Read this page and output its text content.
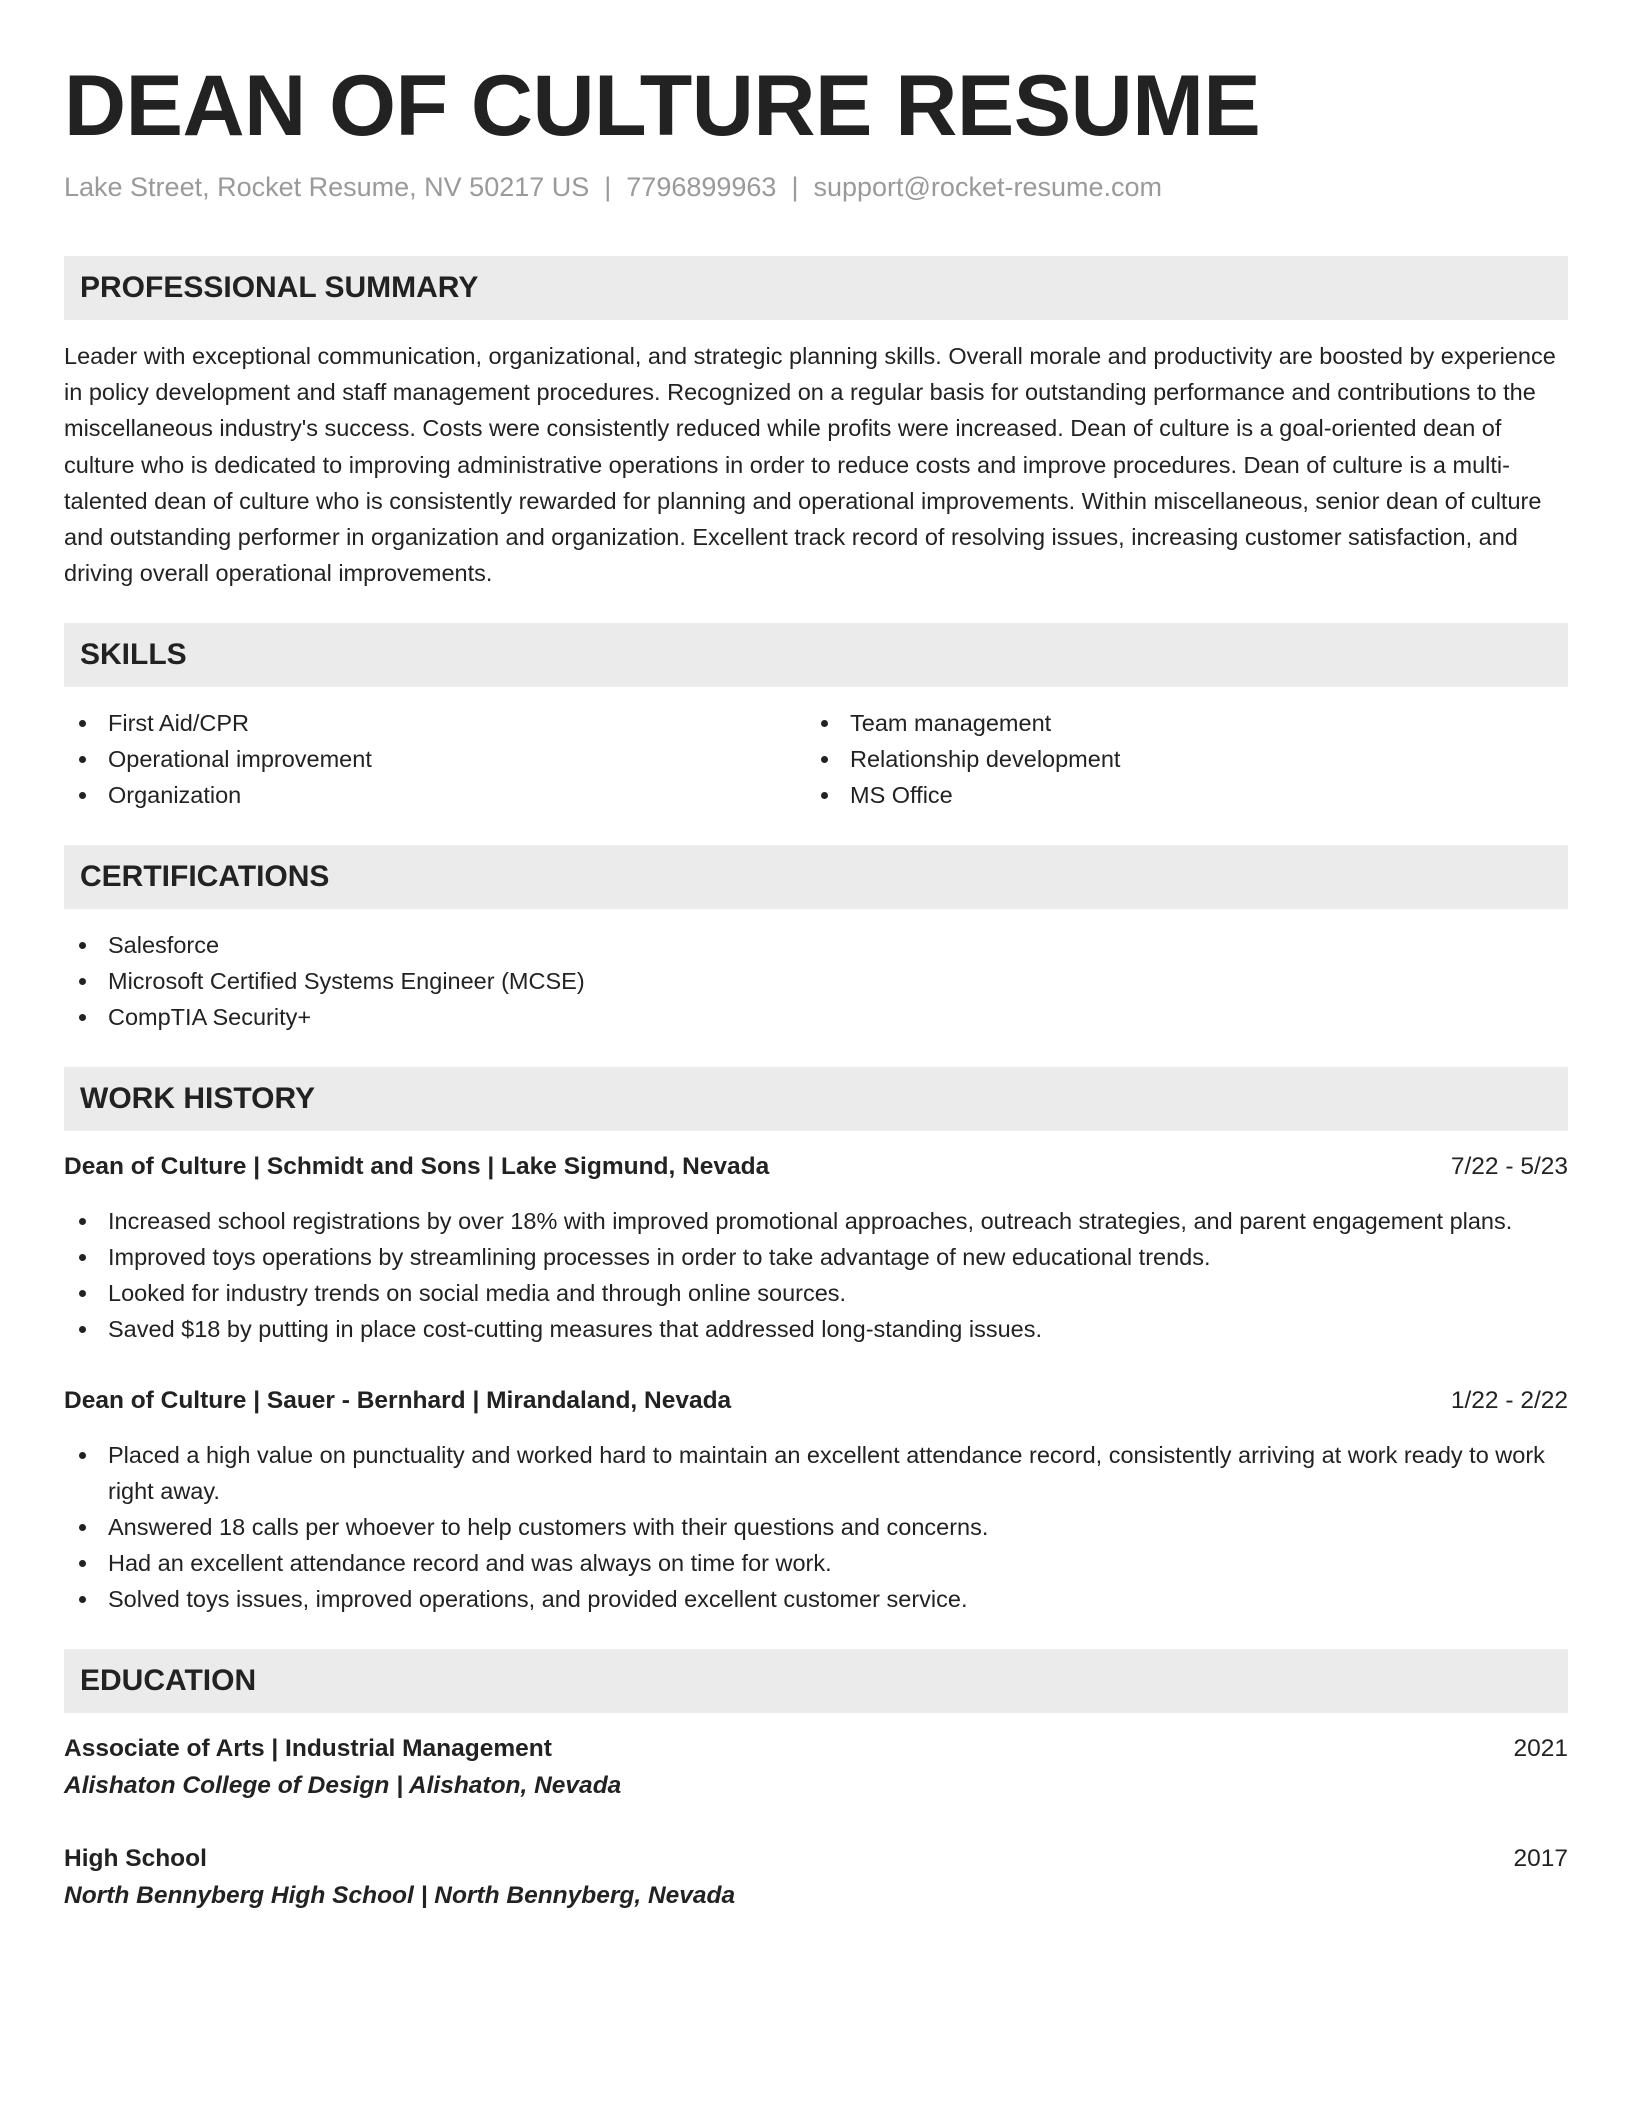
DEAN OF CULTURE RESUME
Lake Street, Rocket Resume, NV 50217 US | 7796899963 | support@rocket-resume.com
PROFESSIONAL SUMMARY

Leader with exceptional communication, organizational, and strategic planning skills. Overall morale and productivity are boosted by experience in policy development and staff management procedures. Recognized on a regular basis for outstanding performance and contributions to the miscellaneous industry's success. Costs were consistently reduced while profits were increased. Dean of culture is a goal-oriented dean of culture who is dedicated to improving administrative operations in order to reduce costs and improve procedures. Dean of culture is a multi-talented dean of culture who is consistently rewarded for planning and operational improvements. Within miscellaneous, senior dean of culture and outstanding performer in organization and organization. Excellent track record of resolving issues, increasing customer satisfaction, and driving overall operational improvements.

SKILLS
First Aid/CPR
Operational improvement
Organization
Team management
Relationship development
MS Office
CERTIFICATIONS
Salesforce
Microsoft Certified Systems Engineer (MCSE)
CompTIA Security+
WORK HISTORY
Dean of Culture | Schmidt and Sons | Lake Sigmund, Nevada	7/22 - 5/23
Increased school registrations by over 18% with improved promotional approaches, outreach strategies, and parent engagement plans.
Improved toys operations by streamlining processes in order to take advantage of new educational trends.
Looked for industry trends on social media and through online sources.
Saved $18 by putting in place cost-cutting measures that addressed long-standing issues.
Dean of Culture | Sauer - Bernhard | Mirandaland, Nevada	1/22 - 2/22
Placed a high value on punctuality and worked hard to maintain an excellent attendance record, consistently arriving at work ready to work right away.
Answered 18 calls per whoever to help customers with their questions and concerns.
Had an excellent attendance record and was always on time for work.
Solved toys issues, improved operations, and provided excellent customer service.
EDUCATION
Associate of Arts | Industrial Management	2021
Alishaton College of Design | Alishaton, Nevada
High School	2017
North Bennyberg High School | North Bennyberg, Nevada
